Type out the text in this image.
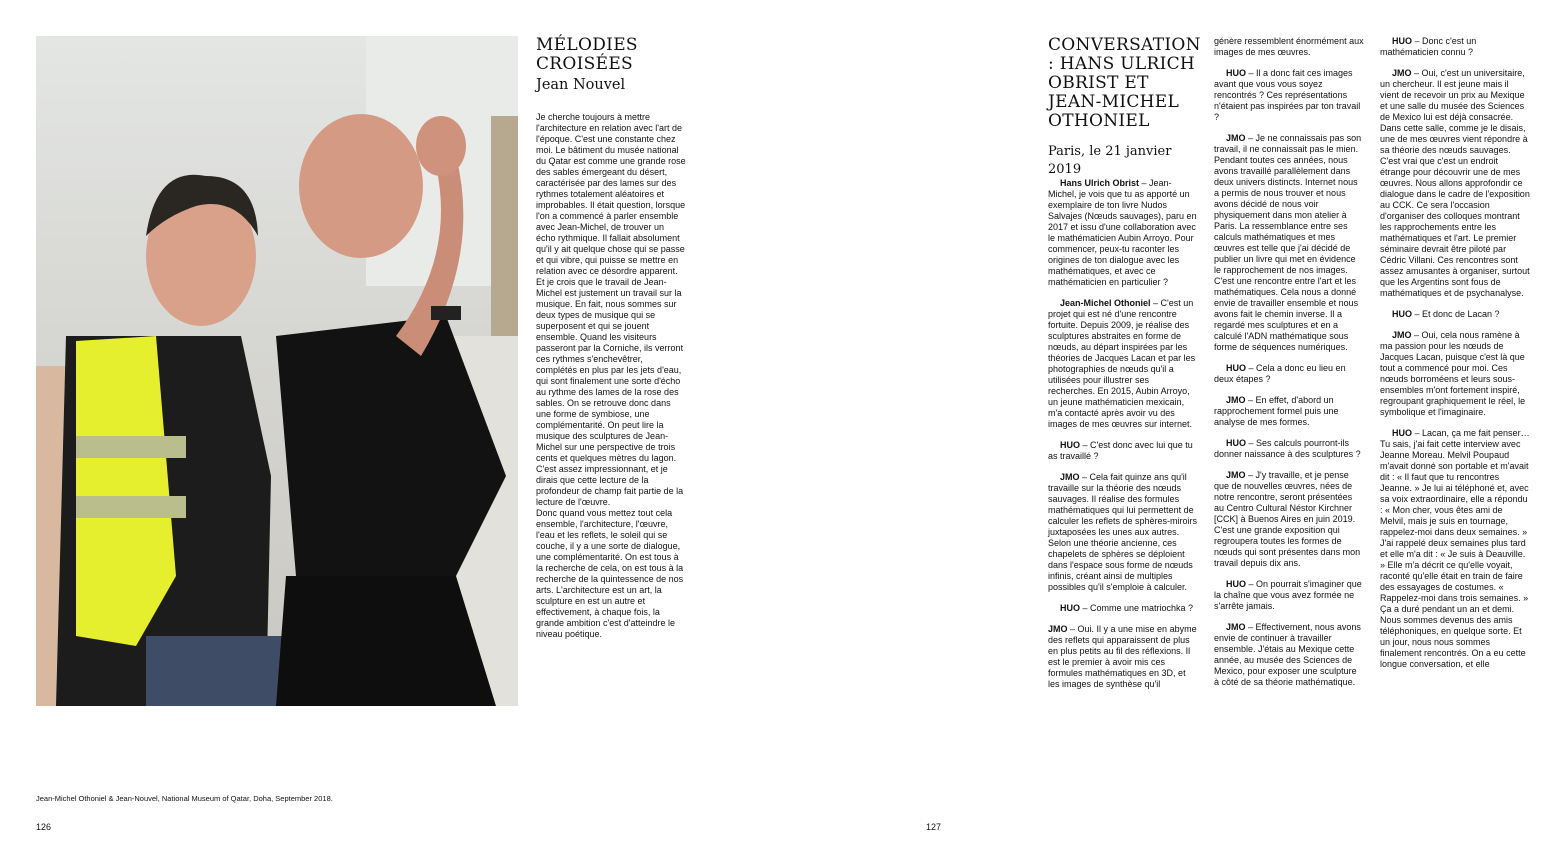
MÉLODIES CROISÉES
Jean Nouvel

Je cherche toujours à mettre l'architecture en relation avec l'art de l'époque. C'est une constante chez moi. Le bâtiment du musée national du Qatar est comme une grande rose des sables émergeant du désert, caractérisée par des lames sur des rythmes totalement aléatoires et improbables. Il était question, lorsque l'on a commencé à parler ensemble avec Jean-Michel, de trouver un écho rythmique. Il fallait absolument qu'il y ait quelque chose qui se passe et qui vibre, qui puisse se mettre en relation avec ce désordre apparent.

Et je crois que le travail de Jean-Michel est justement un travail sur la musique. En fait, nous sommes sur deux types de musique qui se superposent et qui se jouent ensemble. Quand les visiteurs passeront par la Corniche, ils verront ces rythmes s'enchevêtrer, complétés en plus par les jets d'eau, qui sont finalement une sorte d'écho au rythme des lames de la rose des sables. On se retrouve donc dans une forme de symbiose, une complémentarité. On peut lire la musique des sculptures de Jean-Michel sur une perspective de trois cents et quelques mètres du lagon. C'est assez impressionnant, et je dirais que cette lecture de la profondeur de champ fait partie de la lecture de l'œuvre.

Donc quand vous mettez tout cela ensemble, l'architecture, l'œuvre, l'eau et les reflets, le soleil qui se couche, il y a une sorte de dialogue, une complémentarité. On est tous à la recherche de cela, on est tous à la recherche de la quintessence de nos arts. L'architecture est un art, la sculpture en est un autre et effectivement, à chaque fois, la grande ambition c'est d'atteindre le niveau poétique.

Jean-Michel Othoniel & Jean-Nouvel, National Museum of Qatar, Doha, September 2018.
126	127
CONVERSATION : HANS ULRICH OBRIST ET JEAN-MICHEL OTHONIEL
Paris, le 21 janvier 2019

Hans Ulrich Obrist – Jean-Michel, je vois que tu as apporté un exemplaire de ton livre Nudos Salvajes (Nœuds sauvages), paru en 2017 et issu d'une collaboration avec le mathématicien Aubin Arroyo. Pour commencer, peux-tu raconter les origines de ton dialogue avec les mathématiques, et avec ce mathématicien en particulier ?

Jean-Michel Othoniel – C'est un projet qui est né d'une rencontre fortuite. Depuis 2009, je réalise des sculptures abstraites en forme de nœuds, au départ inspirées par les théories de Jacques Lacan et par les photographies de nœuds qu'il a utilisées pour illustrer ses recherches. En 2015, Aubin Arroyo, un jeune mathématicien mexicain, m'a contacté après avoir vu des images de mes œuvres sur internet.

HUO – C'est donc avec lui que tu as travaillé ?

JMO – Cela fait quinze ans qu'il travaille sur la théorie des nœuds sauvages. Il réalise des formules mathématiques qui lui permettent de calculer les reflets de sphères-miroirs juxtaposées les unes aux autres. Selon une théorie ancienne, ces chapelets de sphères se déploient dans l'espace sous forme de nœuds infinis, créant ainsi de multiples possibles qu'il s'emploie à calculer.

HUO – Comme une matriochka ?

JMO – Oui. Il y a une mise en abyme des reflets qui apparaissent de plus en plus petits au fil des réflexions. Il est le premier à avoir mis ces formules mathématiques en 3D, et les images de synthèse qu'il

génère ressemblent énormément aux images de mes œuvres.

HUO – Il a donc fait ces images avant que vous vous soyez rencontrés ? Ces représentations n'étaient pas inspirées par ton travail ?

JMO – Je ne connaissais pas son travail, il ne connaissait pas le mien. Pendant toutes ces années, nous avons travaillé parallèlement dans deux univers distincts. Internet nous a permis de nous trouver et nous avons décidé de nous voir physiquement dans mon atelier à Paris. La ressemblance entre ses calculs mathématiques et mes œuvres est telle que j'ai décidé de publier un livre qui met en évidence le rapprochement de nos images. C'est une rencontre entre l'art et les mathématiques. Cela nous a donné envie de travailler ensemble et nous avons fait le chemin inverse. Il a regardé mes sculptures et en a calculé l'ADN mathématique sous forme de séquences numériques.

HUO – Cela a donc eu lieu en deux étapes ?

JMO – En effet, d'abord un rapprochement formel puis une analyse de mes formes.

HUO – Ses calculs pourront-ils donner naissance à des sculptures ?

JMO – J'y travaille, et je pense que de nouvelles œuvres, nées de notre rencontre, seront présentées au Centro Cultural Néstor Kirchner [CCK] à Buenos Aires en juin 2019. C'est une grande exposition qui regroupera toutes les formes de nœuds qui sont présentes dans mon travail depuis dix ans.

HUO – On pourrait s'imaginer que la chaîne que vous avez formée ne s'arrête jamais.

JMO – Effectivement, nous avons envie de continuer à travailler ensemble. J'étais au Mexique cette année, au musée des Sciences de Mexico, pour exposer une sculpture à côté de sa théorie mathématique.

HUO – Donc c'est un mathématicien connu ?

JMO – Oui, c'est un universitaire, un chercheur. Il est jeune mais il vient de recevoir un prix au Mexique et une salle du musée des Sciences de Mexico lui est déjà consacrée. Dans cette salle, comme je le disais, une de mes œuvres vient répondre à sa théorie des nœuds sauvages. C'est vrai que c'est un endroit étrange pour découvrir une de mes œuvres. Nous allons approfondir ce dialogue dans le cadre de l'exposition au CCK. Ce sera l'occasion d'organiser des colloques montrant les rapprochements entre les mathématiques et l'art. Le premier séminaire devrait être piloté par Cédric Villani. Ces rencontres sont assez amusantes à organiser, surtout que les Argentins sont fous de mathématiques et de psychanalyse.

HUO – Et donc de Lacan ?

JMO – Oui, cela nous ramène à ma passion pour les nœuds de Jacques Lacan, puisque c'est là que tout a commencé pour moi. Ces nœuds borroméens et leurs sous-ensembles m'ont fortement inspiré, regroupant graphiquement le réel, le symbolique et l'imaginaire.

HUO – Lacan, ça me fait penser… Tu sais, j'ai fait cette interview avec Jeanne Moreau. Melvil Poupaud m'avait donné son portable et m'avait dit : « Il faut que tu rencontres Jeanne. » Je lui ai téléphoné et, avec sa voix extraordinaire, elle a répondu : « Mon cher, vous êtes ami de Melvil, mais je suis en tournage, rappelez-moi dans deux semaines. » J'ai rappelé deux semaines plus tard et elle m'a dit : « Je suis à Deauville. » Elle m'a décrit ce qu'elle voyait, raconté qu'elle était en train de faire des essayages de costumes. « Rappelez-moi dans trois semaines. » Ça a duré pendant un an et demi. Nous sommes devenus des amis téléphoniques, en quelque sorte. Et un jour, nous nous sommes finalement rencontrés. On a eu cette longue conversation, et elle
